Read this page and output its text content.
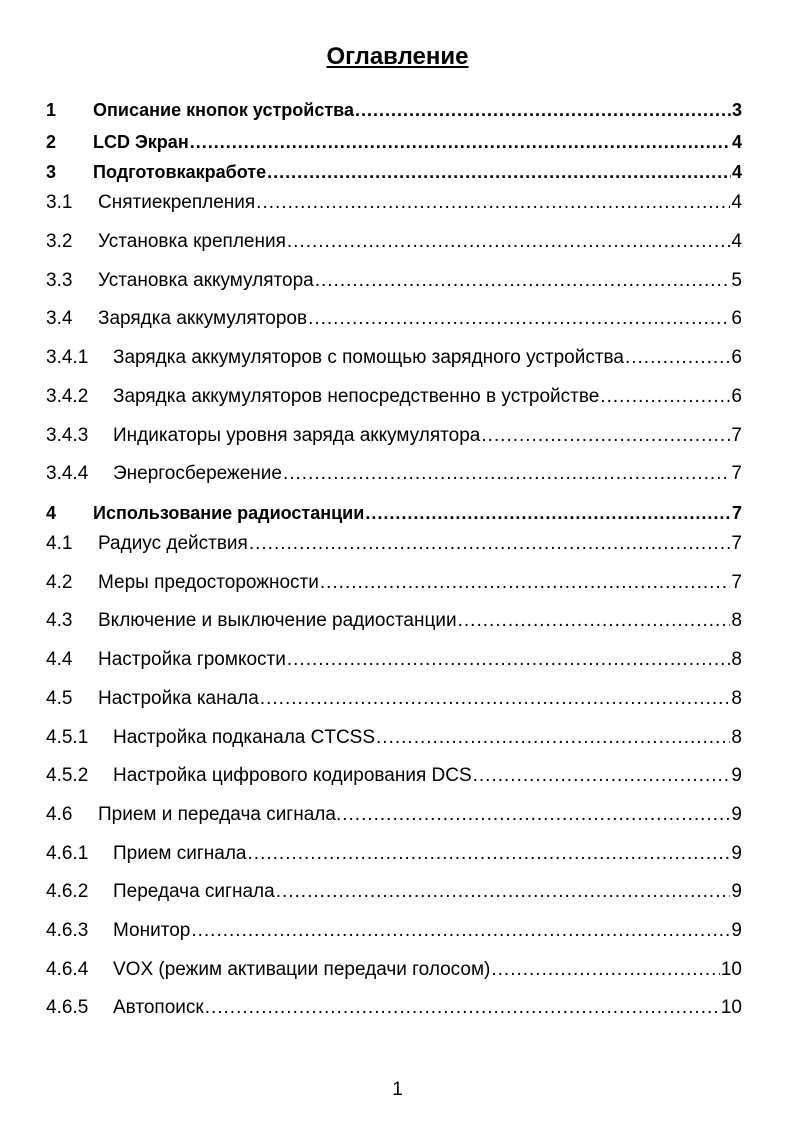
Оглавление
1	Описание кнопок устройства .....	3
2	LCD Экран .....	4
3	Подготовкакработе .....	4
3.1	Снятиекрепления .....	4
3.2	Установка крепления .....	4
3.3	Установка аккумулятора .....	5
3.4	Зарядка аккумуляторов .....	6
3.4.1	Зарядка аккумуляторов с помощью зарядного устройства .....	6
3.4.2	Зарядка аккумуляторов непосредственно в устройстве .....	6
3.4.3	Индикаторы уровня заряда аккумулятора .....	7
3.4.4	Энергосбережение .....	7
4	Использование радиостанции .....	7
4.1	Радиус действия .....	7
4.2	Меры предосторожности .....	7
4.3	Включение и выключение радиостанции .....	8
4.4	Настройка громкости .....	8
4.5	Настройка канала .....	8
4.5.1	Настройка подканала CTCSS .....	8
4.5.2	Настройка цифрового кодирования DCS .....	9
4.6	Прием и передача сигнала. .....	9
4.6.1	Прием сигнала .....	9
4.6.2	Передача сигнала .....	9
4.6.3	Монитор .....	9
4.6.4	VOX (режим активации передачи голосом) .....	10
4.6.5	Автопоиск .....	10
1
